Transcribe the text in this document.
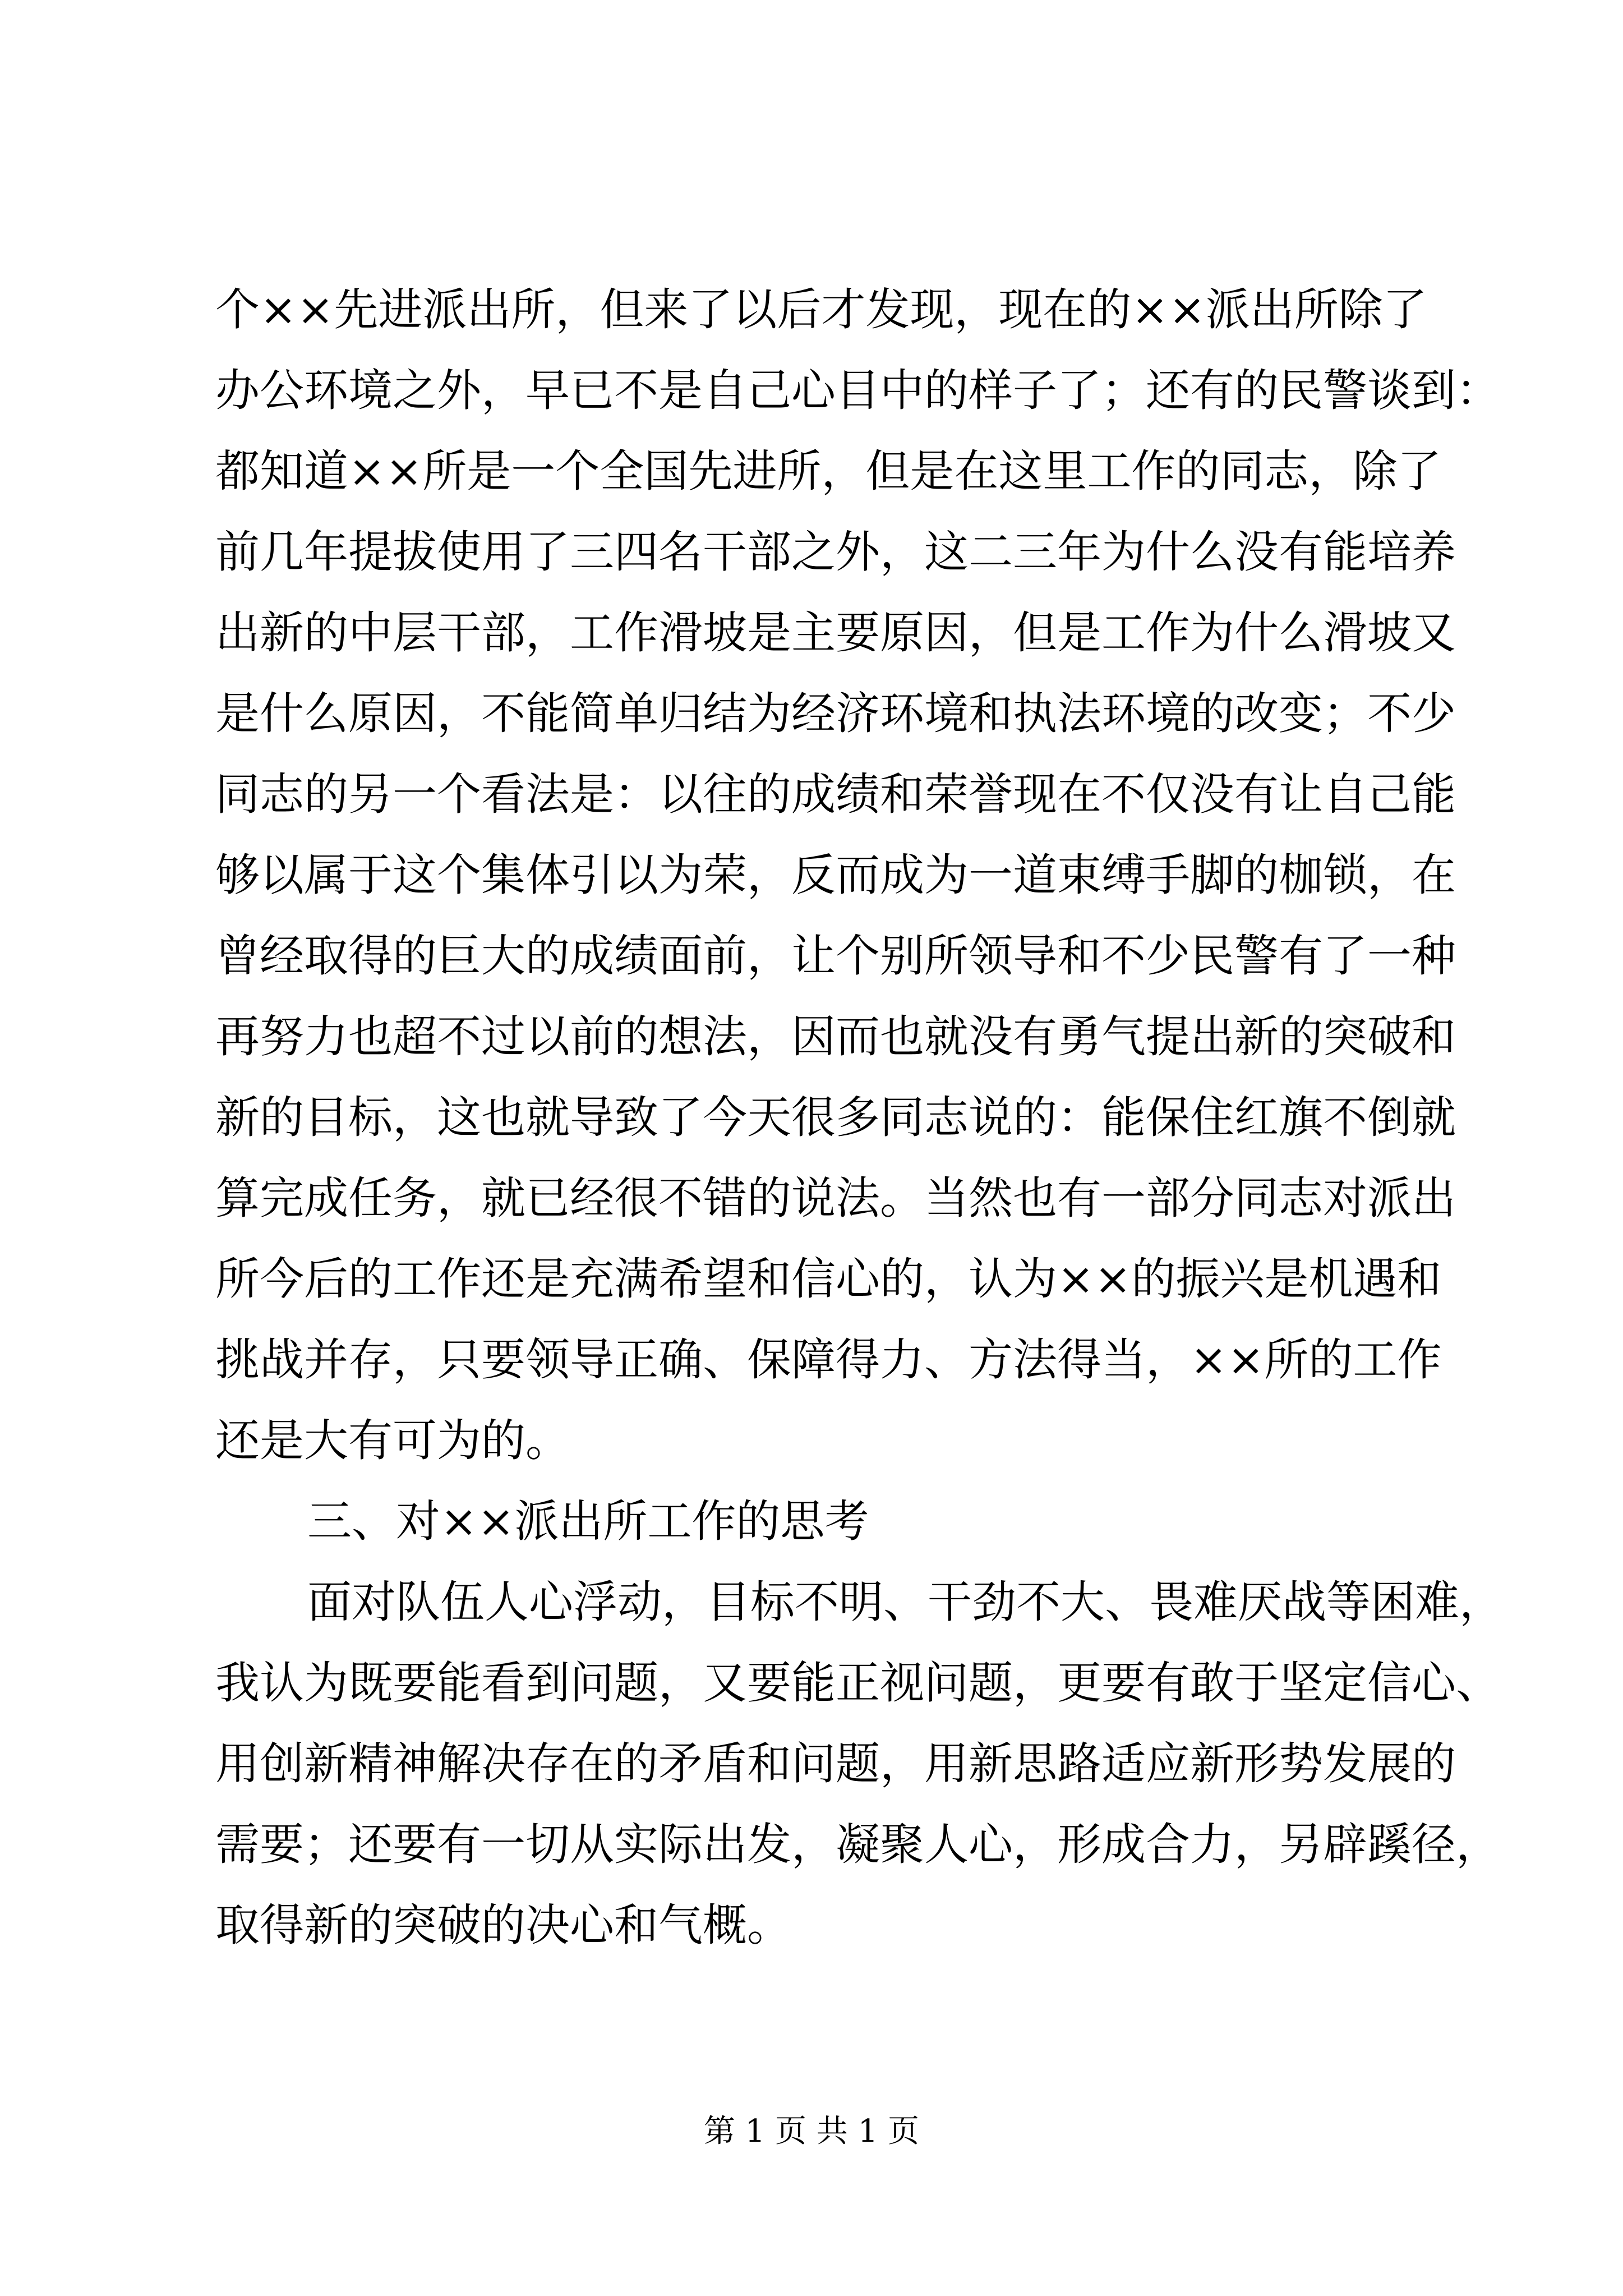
个××先进派出所，但来了以后才发现，现在的××派出所除了
办公环境之外，早已不是自己心目中的样子了；还有的民警谈到：
都知道××所是一个全国先进所，但是在这里工作的同志，除了
前几年提拔使用了三四名干部之外，这二三年为什么没有能培养
出新的中层干部，工作滑坡是主要原因，但是工作为什么滑坡又
是什么原因，不能简单归结为经济环境和执法环境的改变；不少
同志的另一个看法是：以往的成绩和荣誉现在不仅没有让自己能
够以属于这个集体引以为荣，反而成为一道束缚手脚的枷锁，在
曾经取得的巨大的成绩面前，让个别所领导和不少民警有了一种
再努力也超不过以前的想法，因而也就没有勇气提出新的突破和
新的目标，这也就导致了今天很多同志说的：能保住红旗不倒就
算完成任务，就已经很不错的说法。当然也有一部分同志对派出
所今后的工作还是充满希望和信心的，认为××的振兴是机遇和
挑战并存，只要领导正确、保障得力、方法得当，××所的工作
还是大有可为的。
三、对××派出所工作的思考
面对队伍人心浮动，目标不明、干劲不大、畏难厌战等困难，
我认为既要能看到问题，又要能正视问题，更要有敢于坚定信心、
用创新精神解决存在的矛盾和问题，用新思路适应新形势发展的
需要；还要有一切从实际出发，凝聚人心，形成合力，另辟蹊径，
取得新的突破的决心和气概。
第 1 页 共 1 页
